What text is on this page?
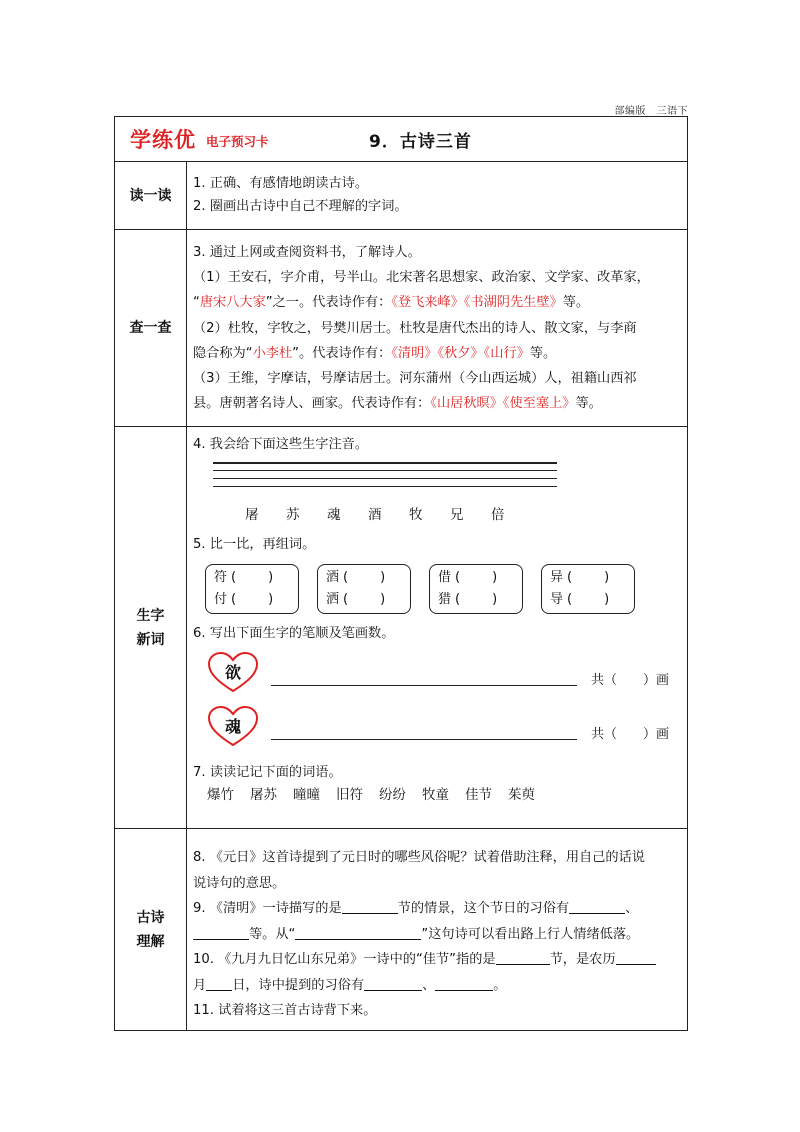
部编版　三语下
学练优 电子预习卡	9．古诗三首
读一读
1. 正确、有感情地朗读古诗。
2. 圈画出古诗中自己不理解的字词。
查一查
3. 通过上网或查阅资料书，了解诗人。
（1）王安石，字介甫，号半山。北宋著名思想家、政治家、文学家、改革家，
“唐宋八大家”之一。代表诗作有：《登飞来峰》《书湖阴先生壁》等。
（2）杜牧，字牧之，号樊川居士。杜牧是唐代杰出的诗人、散文家，与李商
隐合称为“小李杜”。代表诗作有：《清明》《秋夕》《山行》等。
（3）王维，字摩诘，号摩诘居士。河东蒲州（今山西运城）人，祖籍山西祁
县。唐朝著名诗人、画家。代表诗作有：《山居秋暝》《使至塞上》等。
生字
新词
4. 我会给下面这些生字注音。
屠	苏	魂	酒	牧	兄	倍
5. 比一比，再组词。
符 (　　)
付 (　　)
酒 (　　)
洒 (　　)
借 (　　)
猎 (　　)
异 (　　)
导 (　　)
6. 写出下面生字的笔顺及笔画数。
欲	共（　　）画
魂	共（　　）画
7. 读读记记下面的词语。
爆竹 屠苏 曈曈 旧符 纷纷 牧童 佳节 茱萸
古诗
理解
8. 《元日》这首诗提到了元日时的哪些风俗呢？试着借助注释，用自己的话说
说诗句的意思。
9. 《清明》一诗描写的是	节的情景，这个节日的习俗有	、
等。从“	”这句诗可以看出路上行人情绪低落。
10. 《九月九日忆山东兄弟》一诗中的“佳节”指的是	节，是农历
月 日，诗中提到的习俗有	、	。
11. 试着将这三首古诗背下来。
